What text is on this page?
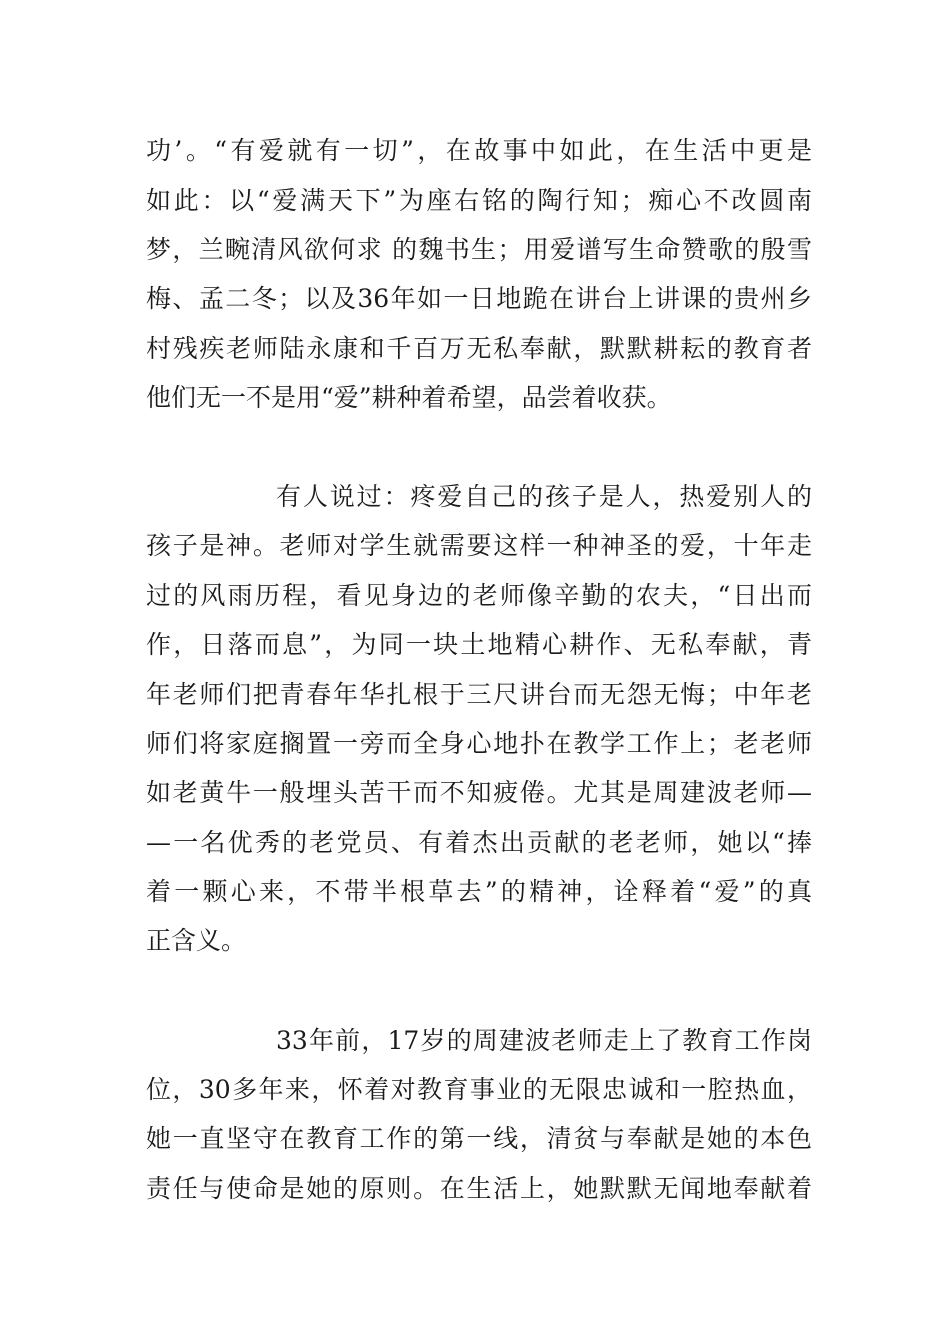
功’。“有爱就有一切”，在故事中如此，在生活中更是
如此：以“爱满天下”为座右铭的陶行知；痴心不改圆南
梦，兰畹清风欲何求 的魏书生；用爱谱写生命赞歌的殷雪
梅、孟二冬；以及36年如一日地跪在讲台上讲课的贵州乡
村残疾老师陆永康和千百万无私奉献，默默耕耘的教育者
他们无一不是用“爱”耕种着希望，品尝着收获。
有人说过：疼爱自己的孩子是人，热爱别人的
孩子是神。老师对学生就需要这样一种神圣的爱，十年走
过的风雨历程，看见身边的老师像辛勤的农夫，“日出而
作，日落而息”，为同一块土地精心耕作、无私奉献，青
年老师们把青春年华扎根于三尺讲台而无怨无悔；中年老
师们将家庭搁置一旁而全身心地扑在教学工作上；老老师
如老黄牛一般埋头苦干而不知疲倦。尤其是周建波老师—
—一名优秀的老党员、有着杰出贡献的老老师，她以“捧
着一颗心来，不带半根草去”的精神，诠释着“爱”的真
正含义。
33年前，17岁的周建波老师走上了教育工作岗
位，30多年来，怀着对教育事业的无限忠诚和一腔热血，
她一直坚守在教育工作的第一线，清贫与奉献是她的本色
责任与使命是她的原则。在生活上，她默默无闻地奉献着
